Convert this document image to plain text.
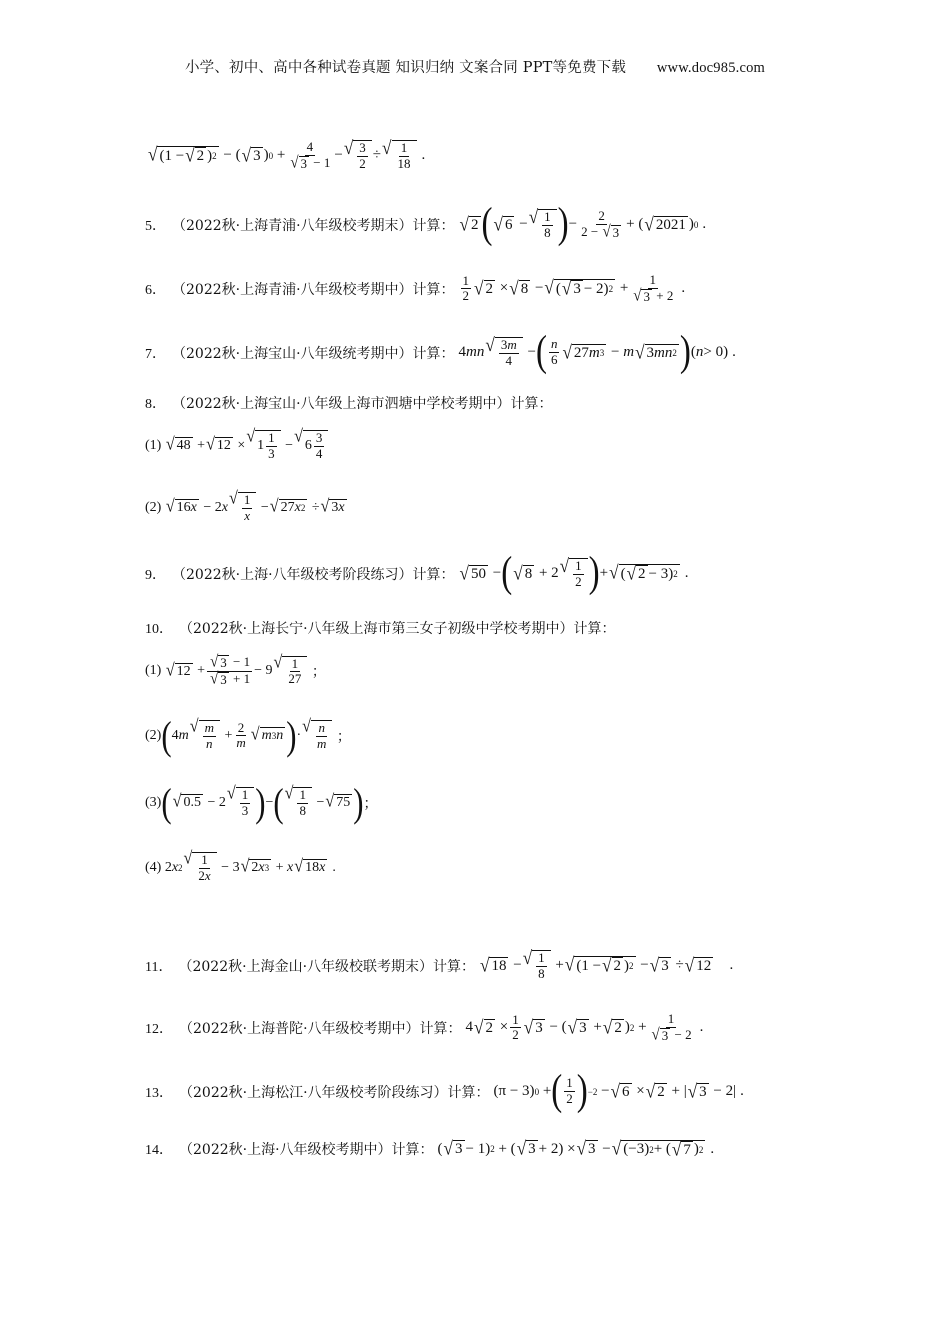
小学、初中、高中各种试卷真题 知识归纳 文案合同 PPT等免费下载 www.doc985.com
√ (1 − √ 2 ) 2 − ( √ 3 ) $0 + \frac{4}{√ 3 - 1}$ − √ $\frac{3}{2}$ ÷ √ $\frac{1}{18}$ .
5． （2022秋·上海青浦·八年级校考期末）计算： √ 2 ( √ 6 − √ $\frac{1}{8}$ ) − $\frac{2}{2 - √ 3}$ + ( √ 2021 ) 0 .
6． （2022秋·上海青浦·八年级校考期中）计算： $\frac{1}{2}$ √ 2 × √ 8 − √ ( √ 3 − 2) $2 + \frac{1}{√ 3 + 2}$ .
7． （2022秋·上海宝山·八年级统考期中）计算： 4 mn √ $\frac{3m}{4}$ − ( $\frac{n}{6}$ √ 27 m 3 − m √ 3 mn 2 ) ( n > 0) .
8． （2022秋·上海宝山·八年级上海市泗塘中学校考期中）计算：
(1) √ 48 + √ 12 × √ $1 \frac{1}{3}$ − √ $6 \frac{3}{4}$
(2) √ 16 x − 2 x √ $\frac{1}{x}$ − √ 27 x 2 ÷ √ 3 x
9． （2022秋·上海·八年级校考阶段练习）计算： √ 50 − ( √ 8 + 2 √ $\frac{1}{2}$ ) + √ ( √ 2 − 3) 2 .
10． （2022秋·上海长宁·八年级上海市第三女子初级中学校考期中）计算：
(1) √ $12 + \frac{√ 3 - 1}{√ 3 + 1} - 9$ √ $\frac{1}{27}$ ；
(2) ( 4 m √ $\frac{m}{n} + \frac{2}{m}$ √ m 3 n ) · √ $\frac{n}{m}$ ；
(3) ( √ 0.5 − 2 √ $\frac{1}{3}$ ) − ( √ $\frac{1}{8}$ − √ 75 ) ；
(4) 2 x 2 √ $\frac{1}{2x} - 3$ √ 2 x 3 + x √ 18 x .
11． （2022秋·上海金山·八年级校联考期末）计算： √ 18 − √ $\frac{1}{8}$ + √ (1 − √ 2 ) 2 − √ 3 ÷ √ 12
.
12． （2022秋·上海普陀·八年级校考期中）计算： 4 √ $2 \times \frac{1}{2}$ √ 3 − ( √ 3 + √ 2 ) $2 + \frac{1}{√ 3 - 2}$ .
13． （2022秋·上海松江·八年级校考阶段练习）计算： (π − 3) 0 + ( $\frac{1}{2}$ ) −2 − √ 6 × √ 2 + | √ 3 − 2| .
14． （2022秋·上海·八年级校考期中）计算： ( √ 3 − 1) 2 + ( √ 3 + 2) × √ 3 − √ (−3) 2 + ( √ 7 ) 2 .
